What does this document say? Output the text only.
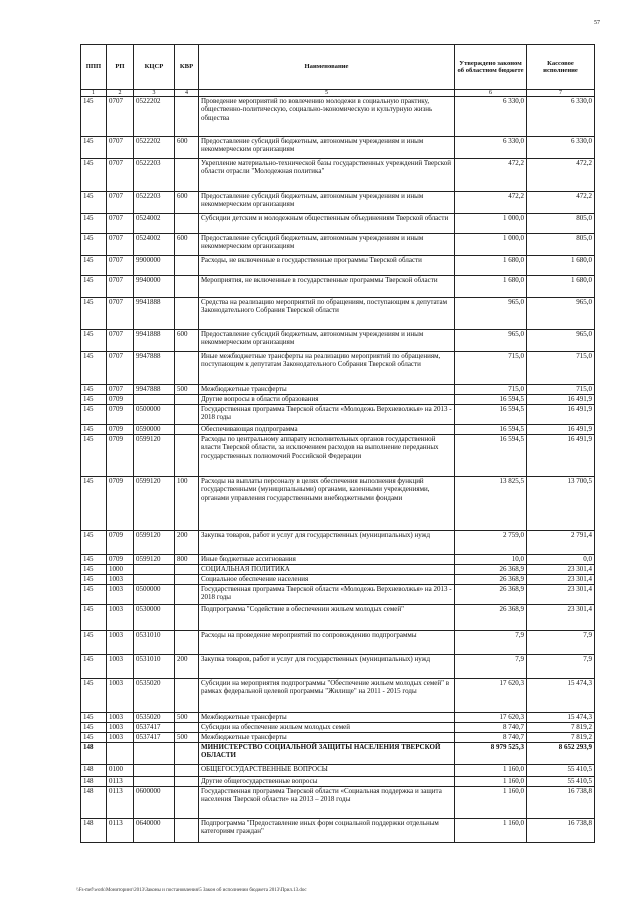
57
ППП	РП	КЦСР	КВР	Наименование	Утверждено законом об областном бюджете	Кассовое исполнение
1	2	3	4	5	6	7
145	0707	0522202		Проведение мероприятий по вовлечению молодежи в социальную практику, общественно-политическую, социально-экономическую и культурную жизнь общества	6 330,0	6 330,0
145	0707	0522202	600	Предоставление субсидий бюджетным, автономным учреждениям и иным некоммерческим организациям	6 330,0	6 330,0
145	0707	0522203		Укрепление материально-технической базы государственных учреждений Тверской области отрасли "Молодежная политика"	472,2	472,2
145	0707	0522203	600	Предоставление субсидий бюджетным, автономным учреждениям и иным некоммерческим организациям	472,2	472,2
145	0707	0524002		Субсидии детским и молодежным общественным объединениям Тверской области	1 000,0	805,0
145	0707	0524002	600	Предоставление субсидий бюджетным, автономным учреждениям и иным некоммерческим организациям	1 000,0	805,0
145	0707	9900000		Расходы, не включенные в государственные программы Тверской области	1 680,0	1 680,0
145	0707	9940000		Мероприятия, не включенные в государственные программы Тверской области	1 680,0	1 680,0
145	0707	9941888		Средства на реализацию мероприятий по обращениям, поступающим к депутатам Законодательного Собрания Тверской области	965,0	965,0
145	0707	9941888	600	Предоставление субсидий бюджетным, автономным учреждениям и иным некоммерческим организациям	965,0	965,0
145	0707	9947888		Иные межбюджетные трансферты на реализацию мероприятий по обращениям, поступающим к депутатам Законодательного Собрания Тверской области	715,0	715,0
145	0707	9947888	500	Межбюджетные трансферты	715,0	715,0
145	0709			Другие вопросы в области образования	16 594,5	16 491,9
145	0709	0500000		Государственная программа Тверской области «Молодежь Верхневолжья» на 2013 - 2018 годы	16 594,5	16 491,9
145	0709	0590000		Обеспечивающая подпрограмма	16 594,5	16 491,9
145	0709	0599120		Расходы по центральному аппарату исполнительных органов государственной власти Тверской области, за исключением расходов на выполнение переданных государственных полномочий Российской Федерации	16 594,5	16 491,9
145	0709	0599120	100	Расходы на выплаты персоналу в целях обеспечения выполнения функций государственными (муниципальными) органами, казенными учреждениями, органами управления государственными внебюджетными фондами	13 825,5	13 700,5
145	0709	0599120	200	Закупка товаров, работ и услуг для государственных (муниципальных) нужд	2 759,0	2 791,4
145	0709	0599120	800	Иные бюджетные ассигнования	10,0	0,0
145	1000			СОЦИАЛЬНАЯ ПОЛИТИКА	26 368,9	23 301,4
145	1003			Социальное обеспечение населения	26 368,9	23 301,4
145	1003	0500000		Государственная программа Тверской области «Молодежь Верхневолжья» на 2013 - 2018 годы	26 368,9	23 301,4
145	1003	0530000		Подпрограмма "Содействие в обеспечении жильем молодых семей"	26 368,9	23 301,4
145	1003	0531010		Расходы на проведение мероприятий по сопровождению подпрограммы	7,9	7,9
145	1003	0531010	200	Закупка товаров, работ и услуг для государственных (муниципальных) нужд	7,9	7,9
145	1003	0535020		Субсидии на мероприятия подпрограммы "Обеспечение жильем молодых семей" в рамках федеральной целевой программы "Жилище" на 2011 - 2015 годы	17 620,3	15 474,3
145	1003	0535020	500	Межбюджетные трансферты	17 620,3	15 474,3
145	1003	0537417		Субсидии на обеспечение жильем молодых семей	8 740,7	7 819,2
145	1003	0537417	500	Межбюджетные трансферты	8 740,7	7 819,2
148				МИНИСТЕРСТВО СОЦИАЛЬНОЙ ЗАЩИТЫ НАСЕЛЕНИЯ ТВЕРСКОЙ ОБЛАСТИ	8 979 525,3	8 652 293,9
148	0100			ОБЩЕГОСУДАРСТВЕННЫЕ ВОПРОСЫ	1 160,0	55 410,5
148	0113			Другие общегосударственные вопросы	1 160,0	55 410,5
148	0113	0600000		Государственная программа Тверской области «Социальная поддержка и защита населения Тверской области» на 2013 – 2018 годы	1 160,0	16 738,8
148	0113	0640000		Подпрограмма "Предоставление иных форм социальной поддержки отдельным категориям граждан"	1 160,0	16 738,8
\\Fs-mef\work\Мониторинг\2013\Законы и постановления\5 Закон об исполнении бюджета 2013\Прил.13.doc
